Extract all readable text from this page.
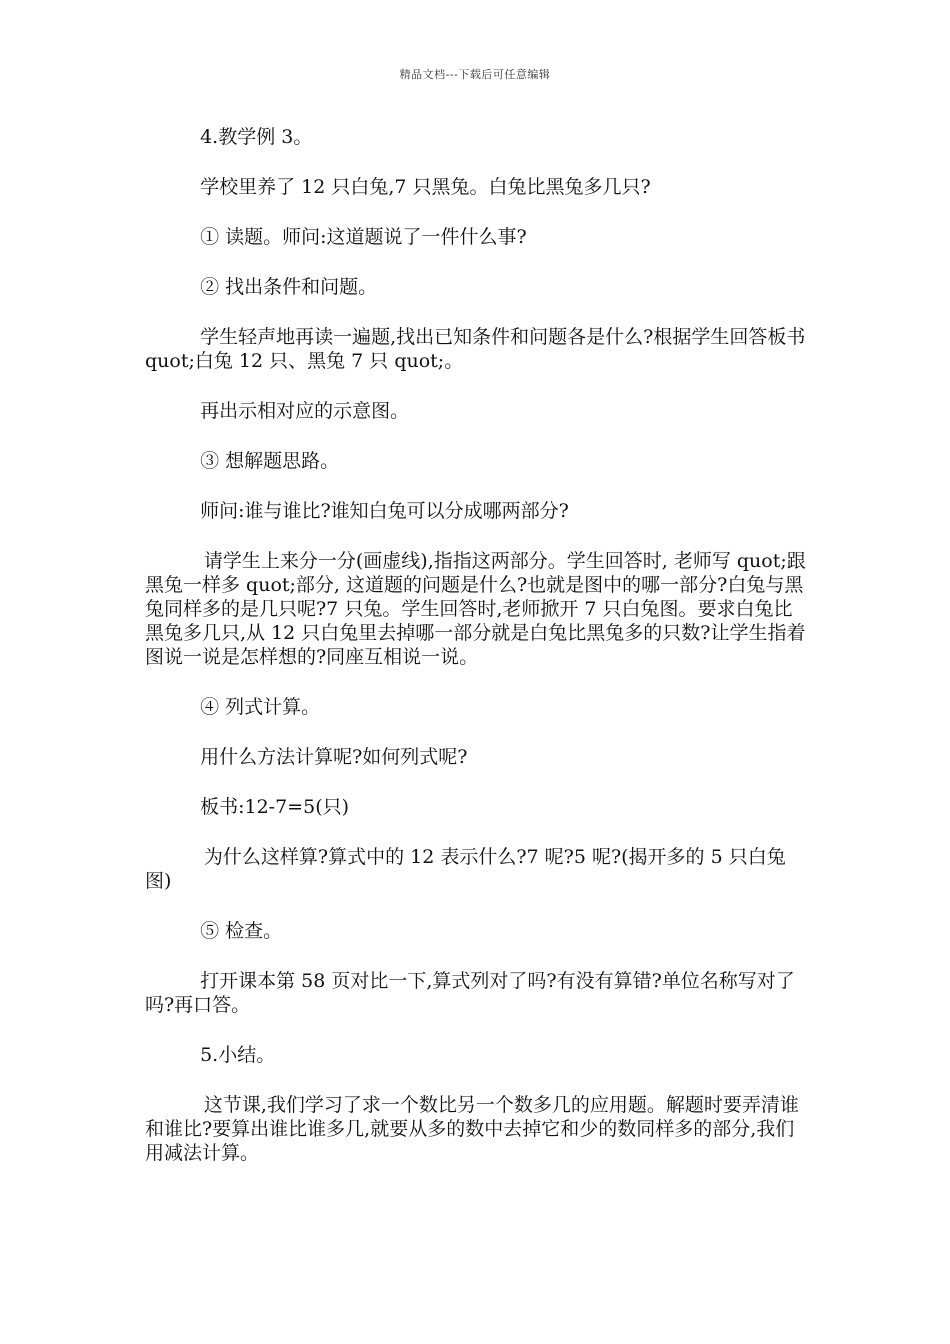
精品文档---下载后可任意编辑

4.教学例 3。

学校里养了 12 只白兔,7 只黑兔。白兔比黑兔多几只?

① 读题。师问:这道题说了一件什么事?

② 找出条件和问题。

学生轻声地再读一遍题,找出已知条件和问题各是什么?根据学生回答板书 quot;白兔 12 只、黑兔 7 只 quot;。

再出示相对应的示意图。

③ 想解题思路。

师问:谁与谁比?谁知白兔可以分成哪两部分?

请学生上来分一分(画虚线),指指这两部分。学生回答时, 老师写 quot;跟黑兔一样多 quot;部分, 这道题的问题是什么?也就是图中的哪一部分?白兔与黑兔同样多的是几只呢?7 只兔。学生回答时,老师掀开 7 只白兔图。要求白兔比黑兔多几只,从 12 只白兔里去掉哪一部分就是白兔比黑兔多的只数?让学生指着图说一说是怎样想的?同座互相说一说。

④ 列式计算。

用什么方法计算呢?如何列式呢?

板书:12-7=5(只)

为什么这样算?算式中的 12 表示什么?7 呢?5 呢?(揭开多的 5 只白兔图)

⑤ 检查。

打开课本第 58 页对比一下,算式列对了吗?有没有算错?单位名称写对了吗?再口答。

5.小结。

这节课,我们学习了求一个数比另一个数多几的应用题。解题时要弄清谁和谁比?要算出谁比谁多几,就要从多的数中去掉它和少的数同样多的部分,我们用减法计算。
